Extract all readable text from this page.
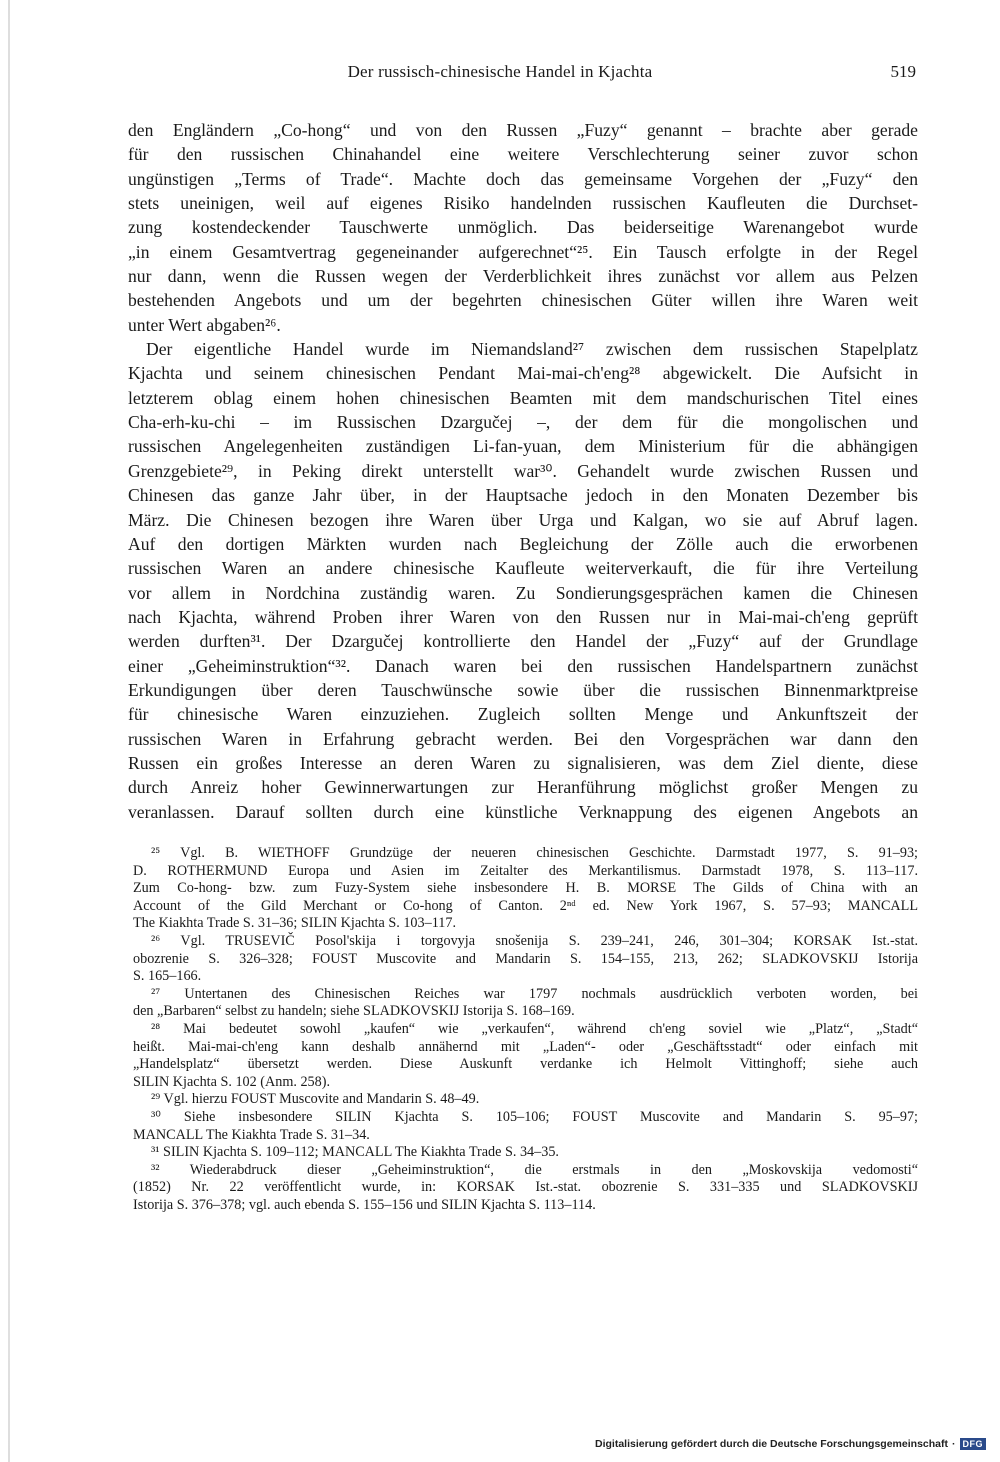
Der russisch-chinesische Handel in Kjachta	519
den Engländern „Co-hong“ und von den Russen „Fuzy“ genannt – brachte aber gerade
für den russischen Chinahandel eine weitere Verschlechterung seiner zuvor schon
ungünstigen „Terms of Trade“. Machte doch das gemeinsame Vorgehen der „Fuzy“ den
stets uneinigen, weil auf eigenes Risiko handelnden russischen Kaufleuten die Durchset-
zung kostendeckender Tauschwerte unmöglich. Das beiderseitige Warenangebot wurde
„in einem Gesamtvertrag gegeneinander aufgerechnet“²⁵. Ein Tausch erfolgte in der Regel
nur dann, wenn die Russen wegen der Verderblichkeit ihres zunächst vor allem aus Pelzen
bestehenden Angebots und um der begehrten chinesischen Güter willen ihre Waren weit
unter Wert abgaben²⁶.
Der eigentliche Handel wurde im Niemandsland²⁷ zwischen dem russischen Stapelplatz
Kjachta und seinem chinesischen Pendant Mai-mai-ch'eng²⁸ abgewickelt. Die Aufsicht in
letzterem oblag einem hohen chinesischen Beamten mit dem mandschurischen Titel eines
Cha-erh-ku-chi – im Russischen Dzargučej –, der dem für die mongolischen und
russischen Angelegenheiten zuständigen Li-fan-yuan, dem Ministerium für die abhängigen
Grenzgebiete²⁹, in Peking direkt unterstellt war³⁰. Gehandelt wurde zwischen Russen und
Chinesen das ganze Jahr über, in der Hauptsache jedoch in den Monaten Dezember bis
März. Die Chinesen bezogen ihre Waren über Urga und Kalgan, wo sie auf Abruf lagen.
Auf den dortigen Märkten wurden nach Begleichung der Zölle auch die erworbenen
russischen Waren an andere chinesische Kaufleute weiterverkauft, die für ihre Verteilung
vor allem in Nordchina zuständig waren. Zu Sondierungsgesprächen kamen die Chinesen
nach Kjachta, während Proben ihrer Waren von den Russen nur in Mai-mai-ch'eng geprüft
werden durften³¹. Der Dzargučej kontrollierte den Handel der „Fuzy“ auf der Grundlage
einer „Geheiminstruktion“³². Danach waren bei den russischen Handelspartnern zunächst
Erkundigungen über deren Tauschwünsche sowie über die russischen Binnenmarktpreise
für chinesische Waren einzuziehen. Zugleich sollten Menge und Ankunftszeit der
russischen Waren in Erfahrung gebracht werden. Bei den Vorgesprächen war dann den
Russen ein großes Interesse an deren Waren zu signalisieren, was dem Ziel diente, diese
durch Anreiz hoher Gewinnerwartungen zur Heranführung möglichst großer Mengen zu
veranlassen. Darauf sollten durch eine künstliche Verknappung des eigenen Angebots an
²⁵ Vgl. B. WIETHOFF Grundzüge der neueren chinesischen Geschichte. Darmstadt 1977, S. 91–93;
D. ROTHERMUND Europa und Asien im Zeitalter des Merkantilismus. Darmstadt 1978, S. 113–117.
Zum Co-hong- bzw. zum Fuzy-System siehe insbesondere H. B. MORSE The Gilds of China with an
Account of the Gild Merchant or Co-hong of Canton. 2ⁿᵈ ed. New York 1967, S. 57–93; MANCALL
The Kiakhta Trade S. 31–36; SILIN Kjachta S. 103–117.
²⁶ Vgl. TRUSEVIČ Posol'skija i torgovyja snošenija S. 239–241, 246, 301–304; KORSAK Ist.-stat.
obozrenie S. 326–328; FOUST Muscovite and Mandarin S. 154–155, 213, 262; SLADKOVSKIJ Istorija
S. 165–166.
²⁷ Untertanen des Chinesischen Reiches war 1797 nochmals ausdrücklich verboten worden, bei
den „Barbaren“ selbst zu handeln; siehe SLADKOVSKIJ Istorija S. 168–169.
²⁸ Mai bedeutet sowohl „kaufen“ wie „verkaufen“, während ch'eng soviel wie „Platz“, „Stadt“
heißt. Mai-mai-ch'eng kann deshalb annähernd mit „Laden“- oder „Geschäftsstadt“ oder einfach mit
„Handelsplatz“ übersetzt werden. Diese Auskunft verdanke ich Helmolt Vittinghoff; siehe auch
SILIN Kjachta S. 102 (Anm. 258).
²⁹ Vgl. hierzu FOUST Muscovite and Mandarin S. 48–49.
³⁰ Siehe insbesondere SILIN Kjachta S. 105–106; FOUST Muscovite and Mandarin S. 95–97;
MANCALL The Kiakhta Trade S. 31–34.
³¹ SILIN Kjachta S. 109–112; MANCALL The Kiakhta Trade S. 34–35.
³² Wiederabdruck dieser „Geheiminstruktion“, die erstmals in den „Moskovskija vedomosti“
(1852) Nr. 22 veröffentlicht wurde, in: KORSAK Ist.-stat. obozrenie S. 331–335 und SLADKOVSKIJ
Istorija S. 376–378; vgl. auch ebenda S. 155–156 und SILIN Kjachta S. 113–114.
Digitalisierung gefördert durch die Deutsche Forschungsgemeinschaft · DFG
